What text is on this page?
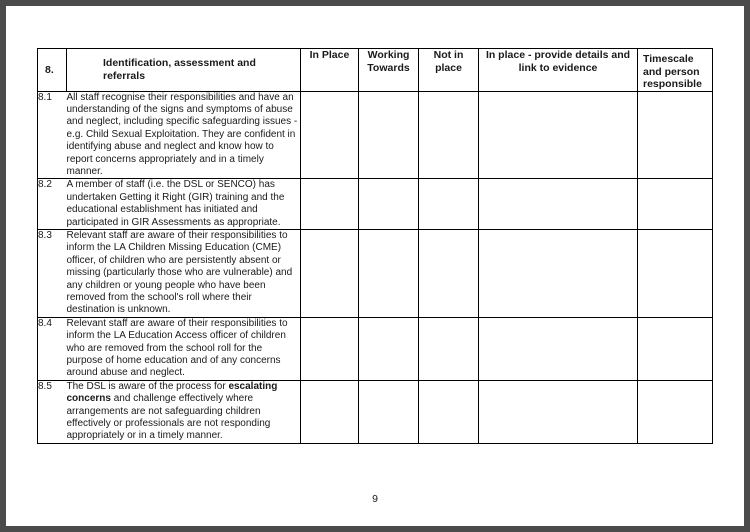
8.	Identification, assessment and referrals	In Place	Working Towards	Not in place	In place - provide details and link to evidence	Timescale and person responsible
8.1	All staff recognise their responsibilities and have an understanding of the signs and symptoms of abuse and neglect, including specific safeguarding issues - e.g. Child Sexual Exploitation. They are confident in identifying abuse and neglect and know how to report concerns appropriately and in a timely manner.					
8.2	A member of staff (i.e. the DSL or SENCO) has undertaken Getting it Right (GIR) training and the educational establishment has initiated and participated in GIR Assessments as appropriate.					
8.3	Relevant staff are aware of their responsibilities to inform the LA Children Missing Education (CME) officer, of children who are persistently absent or missing (particularly those who are vulnerable) and any children or young people who have been removed from the school's roll where their destination is unknown.					
8.4	Relevant staff are aware of their responsibilities to inform the LA Education Access officer of children who are removed from the school roll for the purpose of home education and of any concerns around abuse and neglect.					
8.5	The DSL is aware of the process for escalating concerns and challenge effectively where arrangements are not safeguarding children effectively or professionals are not responding appropriately or in a timely manner.					
9
